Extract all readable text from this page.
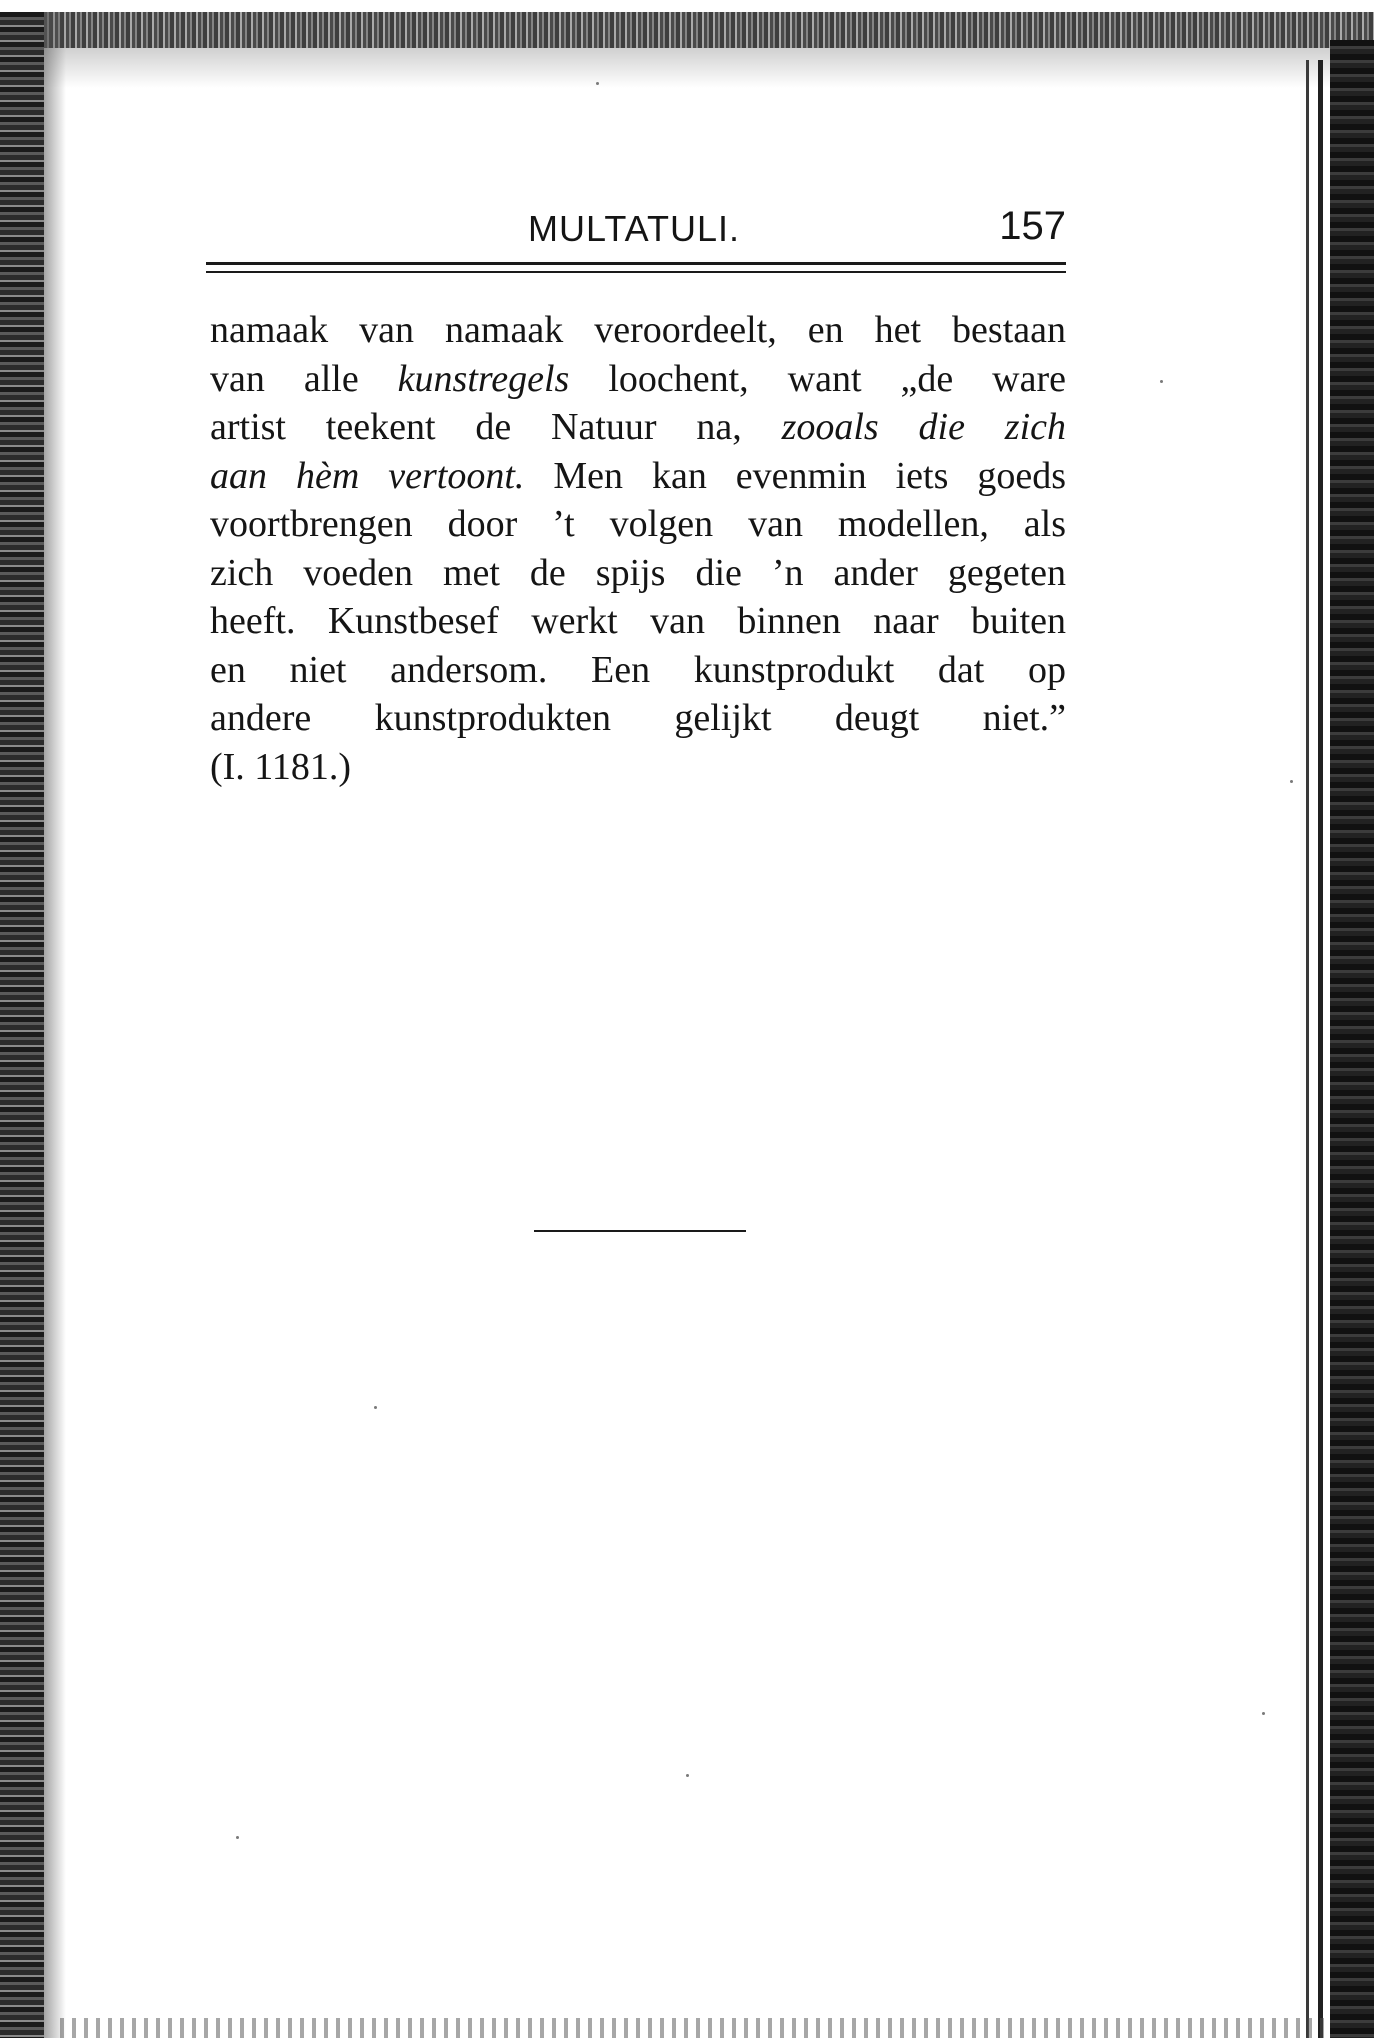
MULTATULI.	157
namaak van namaak veroordeelt, en het bestaan
van alle kunstregels loochent, want „de ware
artist teekent de Natuur na, zooals die zich
aan hèm vertoont. Men kan evenmin iets goeds
voortbrengen door ’t volgen van modellen, als
zich voeden met de spijs die ’n ander gegeten
heeft. Kunstbesef werkt van binnen naar buiten
en niet andersom. Een kunstprodukt dat op
andere kunstprodukten gelijkt deugt niet.”
(I. 1181.)
